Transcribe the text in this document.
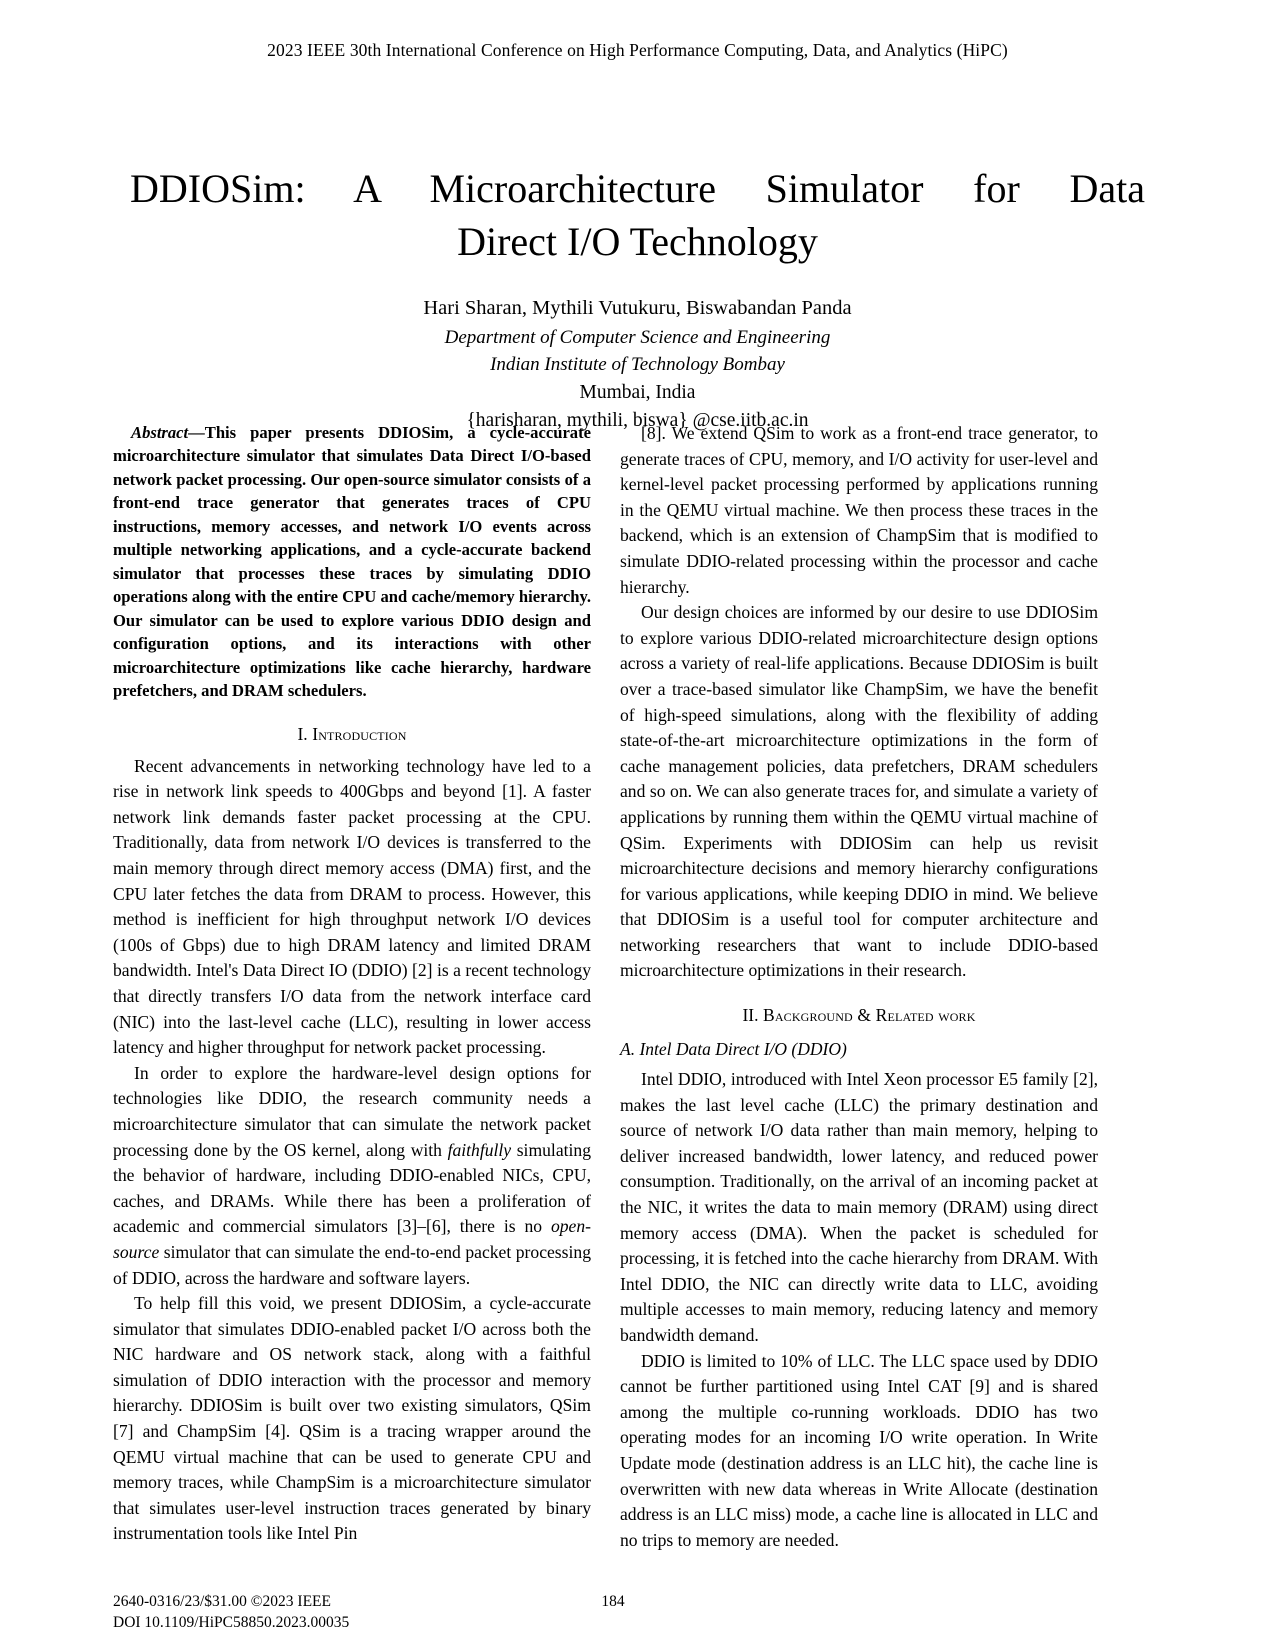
2023 IEEE 30th International Conference on High Performance Computing, Data, and Analytics (HiPC)
DDIOSim: A Microarchitecture Simulator for Data
Direct I/O Technology
Hari Sharan, Mythili Vutukuru, Biswabandan Panda
Department of Computer Science and Engineering
Indian Institute of Technology Bombay
Mumbai, India
{harisharan, mythili, biswa} @cse.iitb.ac.in

Abstract—This paper presents DDIOSim, a cycle-accurate microarchitecture simulator that simulates Data Direct I/O-based network packet processing. Our open-source simulator consists of a front-end trace generator that generates traces of CPU instructions, memory accesses, and network I/O events across multiple networking applications, and a cycle-accurate backend simulator that processes these traces by simulating DDIO operations along with the entire CPU and cache/memory hierarchy. Our simulator can be used to explore various DDIO design and configuration options, and its interactions with other microarchitecture optimizations like cache hierarchy, hardware prefetchers, and DRAM schedulers.

I. Introduction

Recent advancements in networking technology have led to a rise in network link speeds to 400Gbps and beyond [1]. A faster network link demands faster packet processing at the CPU. Traditionally, data from network I/O devices is transferred to the main memory through direct memory access (DMA) first, and the CPU later fetches the data from DRAM to process. However, this method is inefficient for high throughput network I/O devices (100s of Gbps) due to high DRAM latency and limited DRAM bandwidth. Intel's Data Direct IO (DDIO) [2] is a recent technology that directly transfers I/O data from the network interface card (NIC) into the last-level cache (LLC), resulting in lower access latency and higher throughput for network packet processing.

In order to explore the hardware-level design options for technologies like DDIO, the research community needs a microarchitecture simulator that can simulate the network packet processing done by the OS kernel, along with faithfully simulating the behavior of hardware, including DDIO-enabled NICs, CPU, caches, and DRAMs. While there has been a proliferation of academic and commercial simulators [3]–[6], there is no open-source simulator that can simulate the end-to-end packet processing of DDIO, across the hardware and software layers.

To help fill this void, we present DDIOSim, a cycle-accurate simulator that simulates DDIO-enabled packet I/O across both the NIC hardware and OS network stack, along with a faithful simulation of DDIO interaction with the processor and memory hierarchy. DDIOSim is built over two existing simulators, QSim [7] and ChampSim [4]. QSim is a tracing wrapper around the QEMU virtual machine that can be used to generate CPU and memory traces, while ChampSim is a microarchitecture simulator that simulates user-level instruction traces generated by binary instrumentation tools like Intel Pin

[8]. We extend QSim to work as a front-end trace generator, to generate traces of CPU, memory, and I/O activity for user-level and kernel-level packet processing performed by applications running in the QEMU virtual machine. We then process these traces in the backend, which is an extension of ChampSim that is modified to simulate DDIO-related processing within the processor and cache hierarchy.

Our design choices are informed by our desire to use DDIOSim to explore various DDIO-related microarchitecture design options across a variety of real-life applications. Because DDIOSim is built over a trace-based simulator like ChampSim, we have the benefit of high-speed simulations, along with the flexibility of adding state-of-the-art microarchitecture optimizations in the form of cache management policies, data prefetchers, DRAM schedulers and so on. We can also generate traces for, and simulate a variety of applications by running them within the QEMU virtual machine of QSim. Experiments with DDIOSim can help us revisit microarchitecture decisions and memory hierarchy configurations for various applications, while keeping DDIO in mind. We believe that DDIOSim is a useful tool for computer architecture and networking researchers that want to include DDIO-based microarchitecture optimizations in their research.

II. Background & Related work
A. Intel Data Direct I/O (DDIO)

Intel DDIO, introduced with Intel Xeon processor E5 family [2], makes the last level cache (LLC) the primary destination and source of network I/O data rather than main memory, helping to deliver increased bandwidth, lower latency, and reduced power consumption. Traditionally, on the arrival of an incoming packet at the NIC, it writes the data to main memory (DRAM) using direct memory access (DMA). When the packet is scheduled for processing, it is fetched into the cache hierarchy from DRAM. With Intel DDIO, the NIC can directly write data to LLC, avoiding multiple accesses to main memory, reducing latency and memory bandwidth demand.

DDIO is limited to 10% of LLC. The LLC space used by DDIO cannot be further partitioned using Intel CAT [9] and is shared among the multiple co-running workloads. DDIO has two operating modes for an incoming I/O write operation. In Write Update mode (destination address is an LLC hit), the cache line is overwritten with new data whereas in Write Allocate (destination address is an LLC miss) mode, a cache line is allocated in LLC and no trips to memory are needed.

2640-0316/23/$31.00 ©2023 IEEE
DOI 10.1109/HiPC58850.2023.00035
184
